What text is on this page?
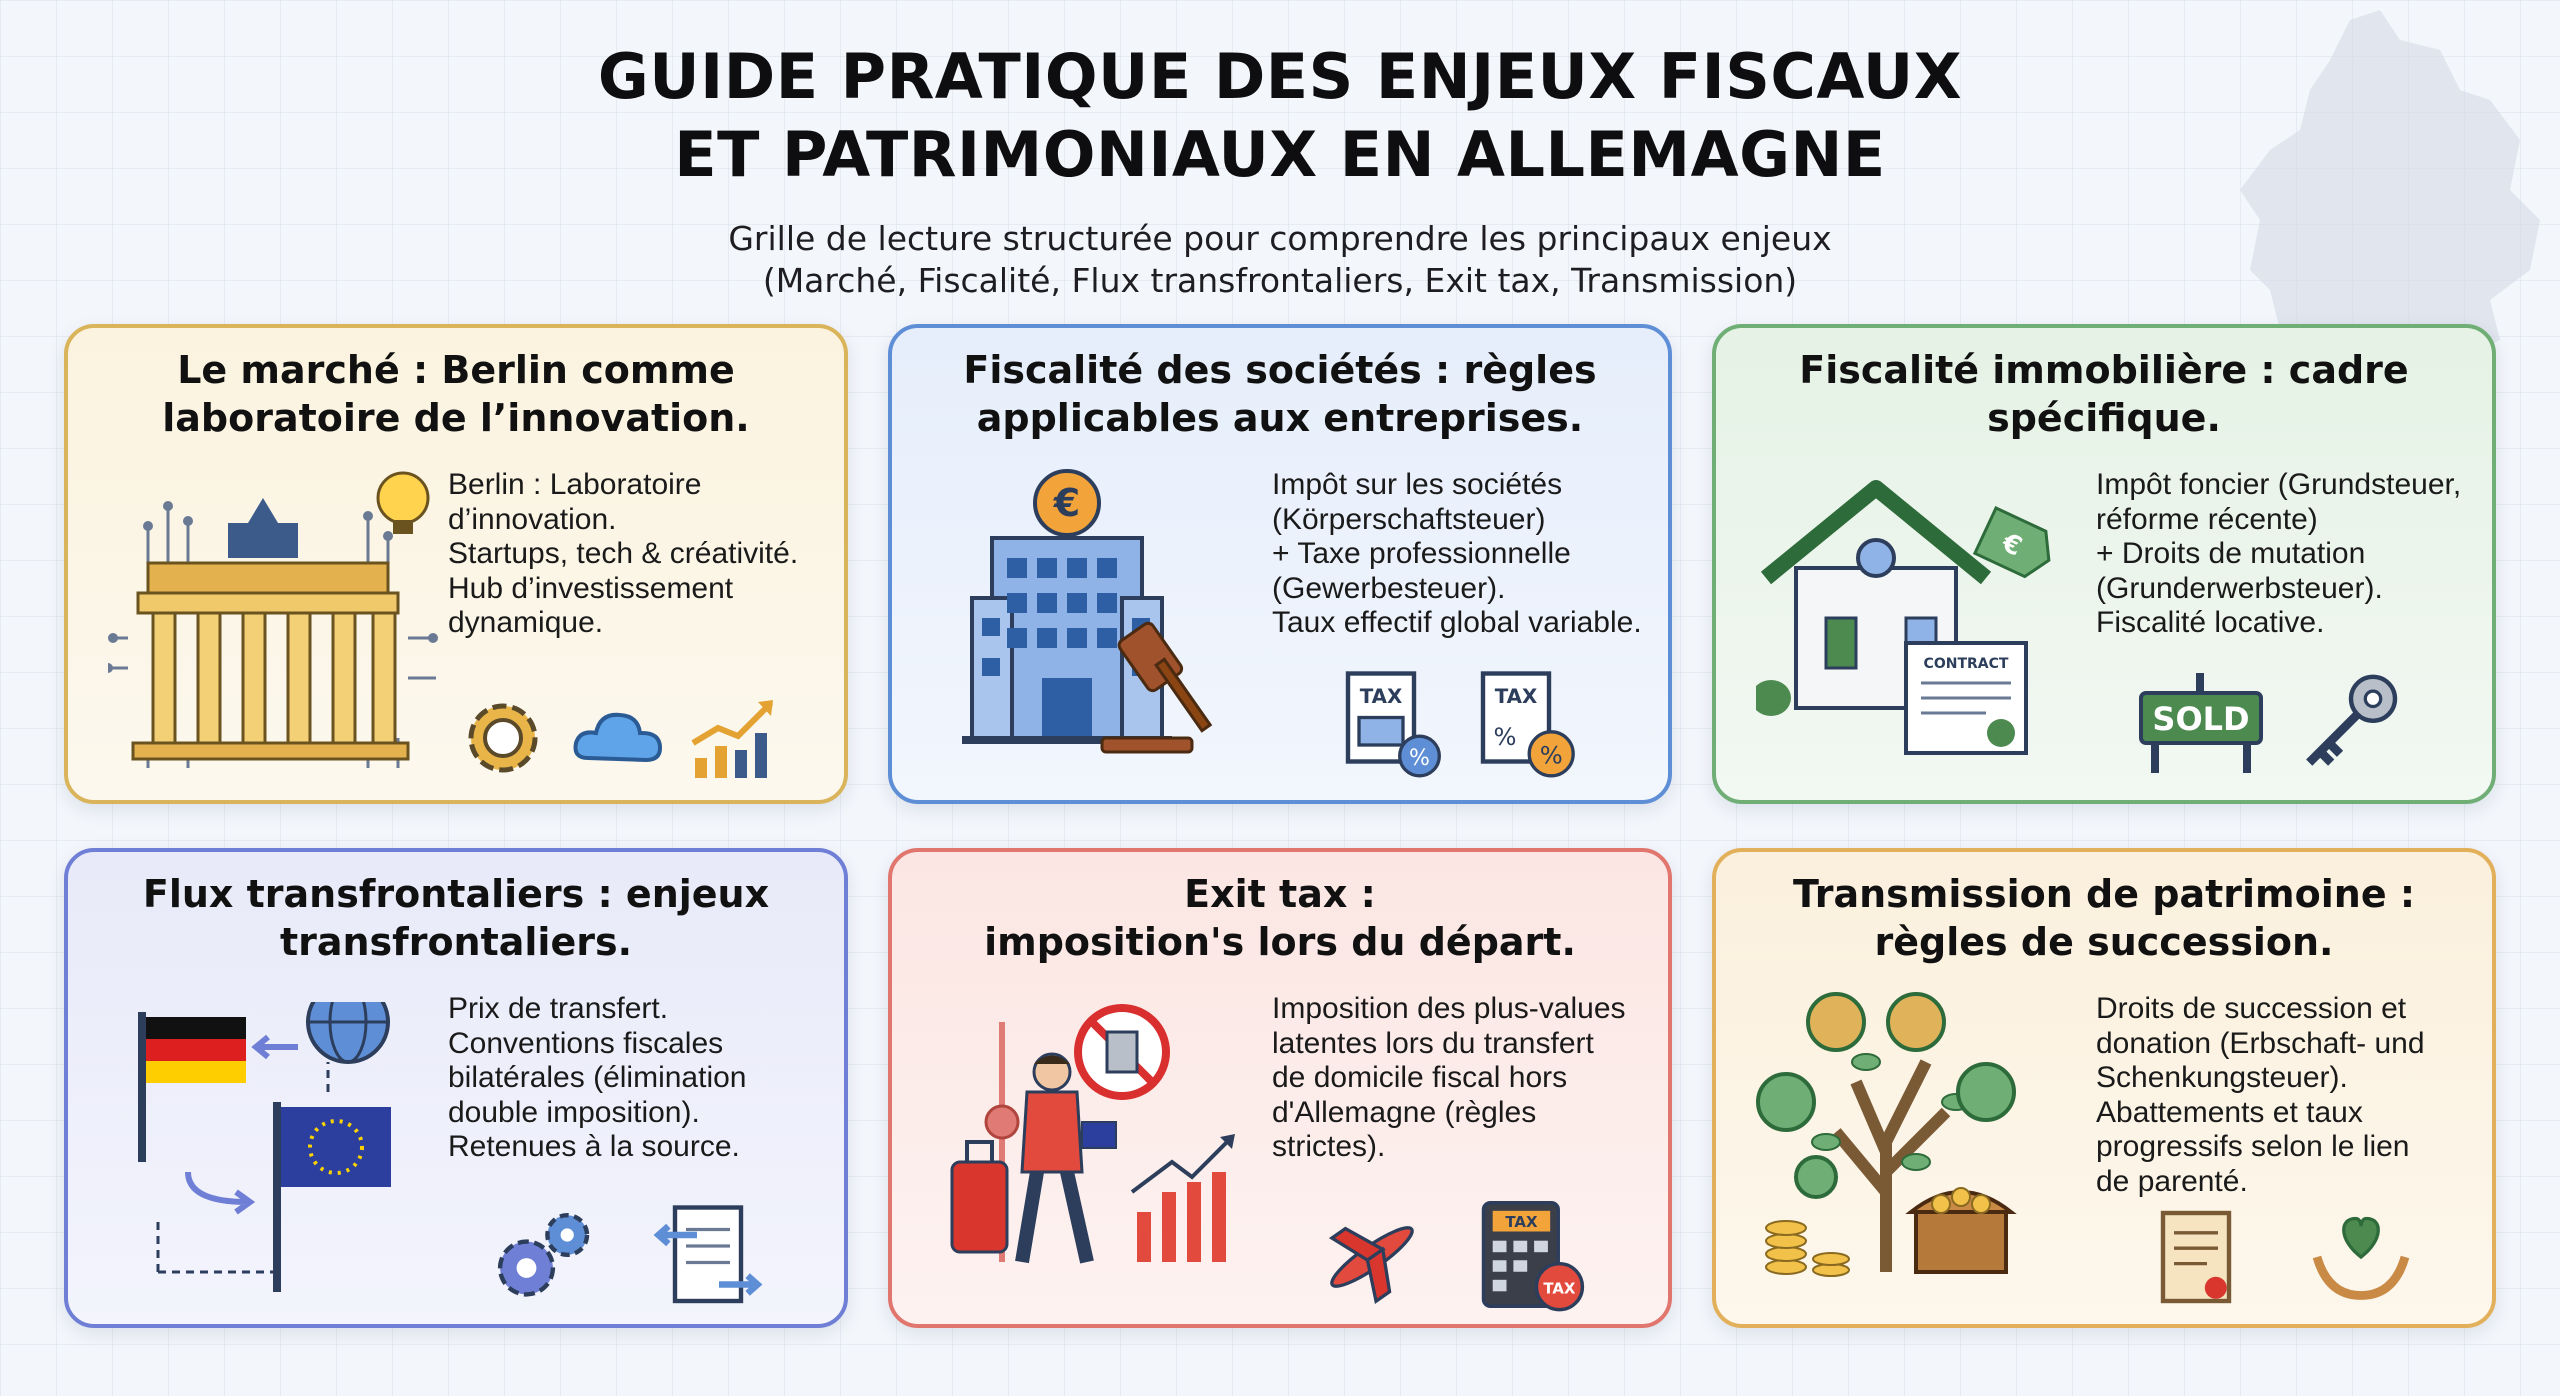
GUIDE PRATIQUE DES ENJEUX FISCAUX
ET PATRIMONIAUX EN ALLEMAGNE
Grille de lecture structurée pour comprendre les principaux enjeux
(Marché, Fiscalité, Flux transfrontaliers, Exit tax, Transmission)
Le marché : Berlin comme
laboratoire de l’innovation.
Berlin : Laboratoire
d’innovation.
Startups, tech & créativité.
Hub d’investissement
dynamique.
Fiscalité des sociétés : règles
applicables aux entreprises.
€	Impôt sur les sociétés
(Körperschaftsteuer)
+ Taxe professionnelle
(Gewerbesteuer).
Taux effectif global variable.
TAX
%
TAX
%
%
Fiscalité immobilière : cadre
spécifique.
CONTRACT
€
Impôt foncier (Grundsteuer,
réforme récente)
+ Droits de mutation
(Grunderwerbsteuer).
Fiscalité locative.
SOLD
Flux transfrontaliers : enjeux
transfrontaliers.
Prix de transfert.
Conventions fiscales
bilatérales (élimination
double imposition).
Retenues à la source.
Exit tax :
imposition's lors du départ.
Imposition des plus-values
latentes lors du transfert
de domicile fiscal hors
d'Allemagne (règles
strictes).
TAX
TAX
Transmission de patrimoine :
règles de succession.
Droits de succession et
donation (Erbschaft- und
Schenkungsteuer).
Abattements et taux
progressifs selon le lien
de parenté.
